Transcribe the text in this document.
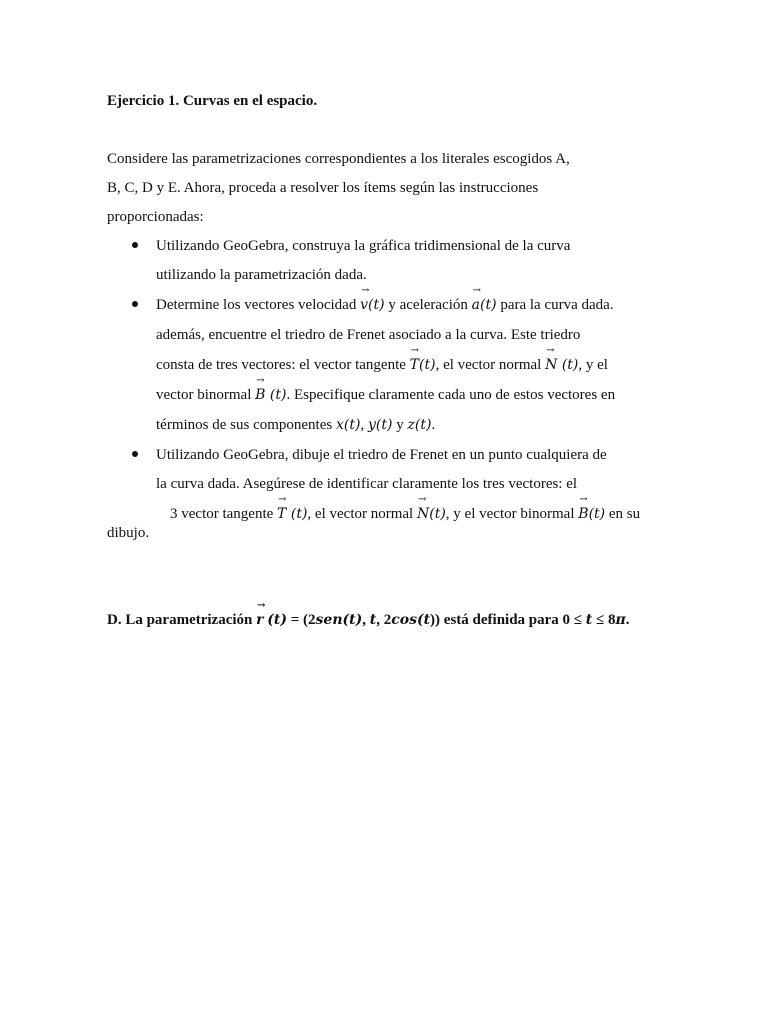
Ejercicio 1. Curvas en el espacio.
Considere las parametrizaciones correspondientes a los literales escogidos A,
B, C, D y E. Ahora, proceda a resolver los ítems según las instrucciones
proporcionadas:
Utilizando GeoGebra, construya la gráfica tridimensional de la curva
utilizando la parametrización dada.
Determine los vectores velocidad
→
v(t) y aceleración
→
a(t) para la curva dada.
además, encuentre el triedro de Frenet asociado a la curva. Este triedro
consta de tres vectores: el vector tangente
→
T(t), el vector normal
→
N (t), y el
vector binormal
→
B (t). Especifique claramente cada uno de estos vectores en
términos de sus componentes x(t), y(t) y z(t).
Utilizando GeoGebra, dibuje el triedro de Frenet en un punto cualquiera de
la curva dada. Asegúrese de identificar claramente los tres vectores: el
3 vector tangente
→
T (t), el vector normal
→
N(t), y el vector binormal
→
B(t) en su
dibujo.
D. La parametrización
→
r (t) = (2sen(t), t, 2cos(t)) está definida para 0 ≤ t ≤ 8π.
